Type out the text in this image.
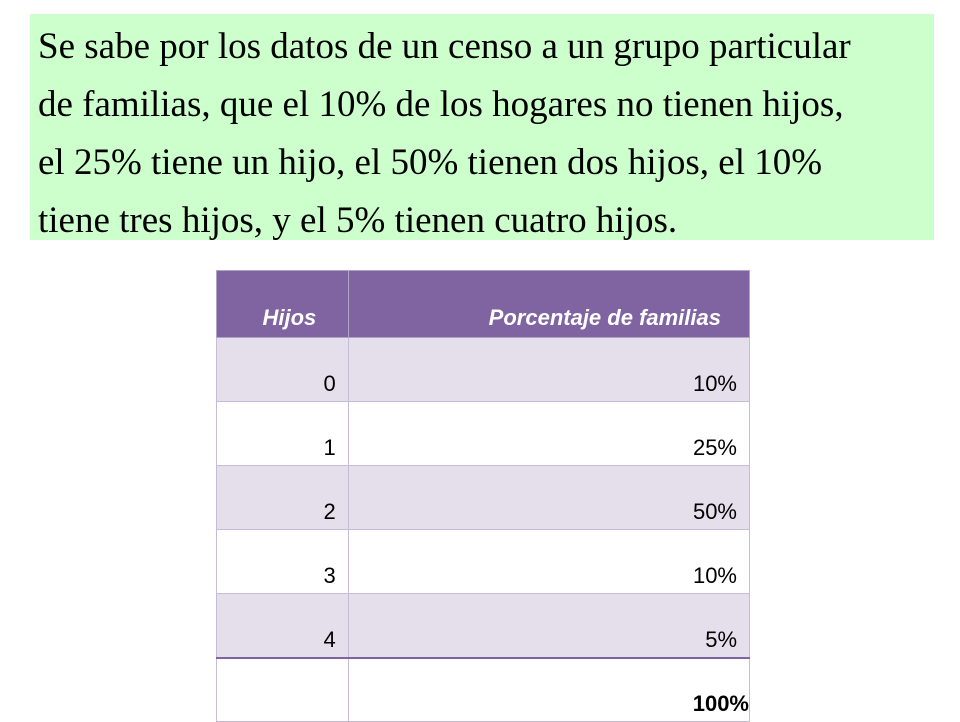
Se sabe por los datos de un censo a un grupo particular
de familias, que el 10% de los hogares no tienen hijos,
el 25% tiene un hijo, el 50% tienen dos hijos, el 10%
tiene tres hijos, y el 5% tienen cuatro hijos.
Hijos	Porcentaje de familias
0	10%
1	25%
2	50%
3	10%
4	5%
	100%
